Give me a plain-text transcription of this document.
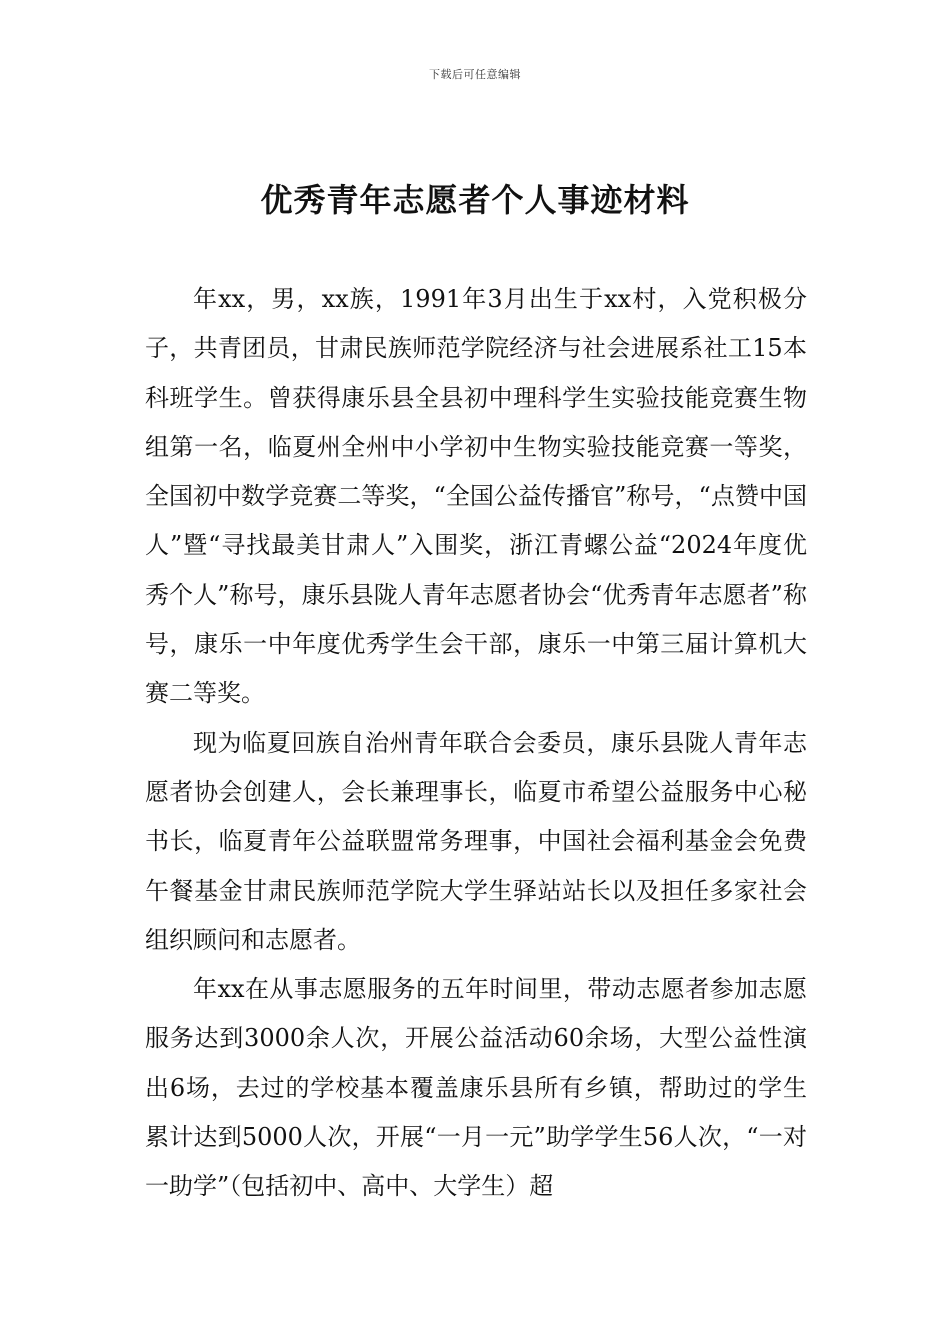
下载后可任意编辑
优秀青年志愿者个人事迹材料

年xx，男，xx族，1991年3月出生于xx村，入党积极分子，共青团员，甘肃民族师范学院经济与社会进展系社工15本科班学生。曾获得康乐县全县初中理科学生实验技能竞赛生物组第一名，临夏州全州中小学初中生物实验技能竞赛一等奖，全国初中数学竞赛二等奖，“全国公益传播官”称号，“点赞中国人”暨“寻找最美甘肃人”入围奖，浙江青螺公益“2024年度优秀个人”称号，康乐县陇人青年志愿者协会“优秀青年志愿者”称号，康乐一中年度优秀学生会干部，康乐一中第三届计算机大赛二等奖。

现为临夏回族自治州青年联合会委员，康乐县陇人青年志愿者协会创建人，会长兼理事长，临夏市希望公益服务中心秘书长，临夏青年公益联盟常务理事，中国社会福利基金会免费午餐基金甘肃民族师范学院大学生驿站站长以及担任多家社会组织顾问和志愿者。

年xx在从事志愿服务的五年时间里，带动志愿者参加志愿服务达到3000余人次，开展公益活动60余场，大型公益性演出6场，去过的学校基本覆盖康乐县所有乡镇，帮助过的学生累计达到5000人次，开展“一月一元”助学学生56人次，“一对一助学”（包括初中、高中、大学生）超
